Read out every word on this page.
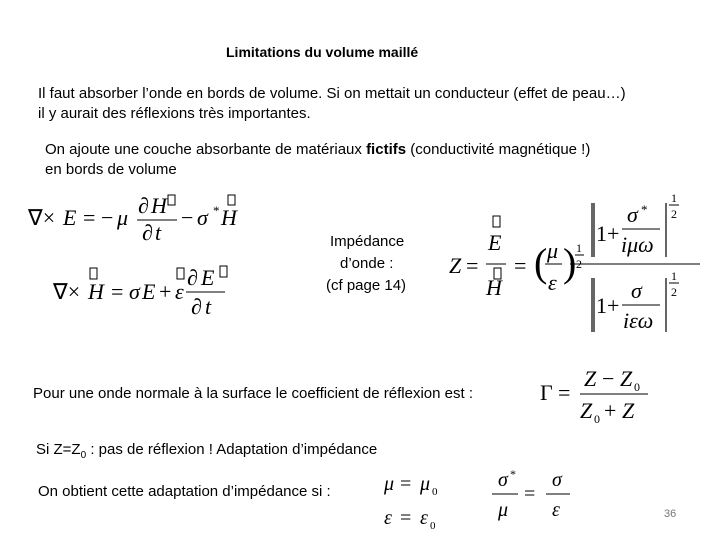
Limitations du volume maillé
Il faut absorber l’onde en bords de volume. Si on mettait un conducteur (effet de peau…)
il y aurait des réflexions très importantes.
On ajoute une couche absorbante de matériaux fictifs (conductivité magnétique !)
en bords de volume
∇× E = − μ ∂ H
∂ t
− σ * H
∇× H = σ E + ε
∂ E
∂ t
Impédance
d’onde :
(cf page 14)
Z =
E
H
= ( μ
ε ) 1
2
1+
σ *
iμω
1
2
1+
σ
iεω
1
2
Pour une onde normale à la surface le coefficient de réflexion est :	Γ =
Z − Z 0
Z 0 + Z
Si $Z=Z_0$ : pas de réflexion ! Adaptation d’impédance
On obtient cette adaptation d’impédance si :	μ = μ 0
ε = ε 0
σ *
μ
=
σ
ε	36
